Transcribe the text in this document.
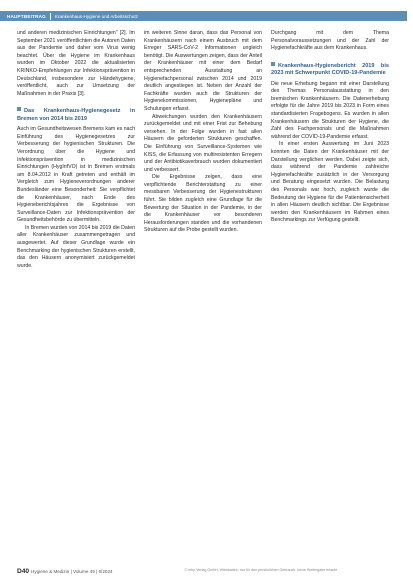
HAUPTBEITRAG Krankenhaus-Hygiene und Arbeitsschutz

und anderen medizinischen Einrichtungen" [2]. Im September 2021 veröffentlichten die Autoren Daten aus der Pandemie und daher vom Virus wenig beachtet. Über die Hygiene im Krankenhaus wurden im Oktober 2022 die aktualisierten KRINKO-Empfehlungen zur Infektionsprävention in Deutschland, insbesondere zur Händehygiene, veröffentlicht, auch zur Umsetzung der Maßnahmen in der Praxis [3].

Das Krankenhaus-Hygienegesetz in Bremen von 2014 bis 2019

Auch im Gesundheitswesen Bremens kam es nach Einführung des Hygienegesetzes zur Verbesserung der hygienischen Strukturen. Die Verordnung über die Hygiene und Infektionsprävention in medizinischen Einrichtungen (HygInfVO) ist in Bremen erstmals am 8.04.2012 in Kraft getreten und enthält im Vergleich zum Hygieneverordnungen anderer Bundesländer eine Besonderheit: Sie verpflichtet die Krankenhäuser, nach Ende des Hygieneberichtsjahres die Ergebnisse von Surveillance-Daten zur Infektionsprävention der Gesundheitsbehörde zu übermitteln.

In Bremen wurden von 2014 bis 2019 die Daten aller Krankenhäuser zusammengetragen und ausgewertet. Auf dieser Grundlage wurde ein Benchmarking der hygienischen Strukturen erstellt, das den Häusern anonymisiert zurückgemeldet wurde.

im weiteren Sinne daran, dass das Personal von Krankenhäusern nach einem Ausbruch mit dem Erreger SARS-CoV-2 Informationen ungleich benötigt. Die Auswertungen zeigen, dass der Anteil der Krankenhäuser mit einer dem Bedarf entsprechenden Ausstattung an Hygienefachpersonal zwischen 2014 und 2019 deutlich angestiegen ist. Neben der Anzahl der Fachkräfte wurden auch die Strukturen der Hygienekommissionen, Hygienepläne und Schulungen erfasst.

Abweichungen wurden den Krankenhäusern zurückgemeldet und mit einer Frist zur Behebung versehen. In der Folge wurden in fast allen Häusern die geforderten Strukturen geschaffen. Die Einführung von Surveillance-Systemen wie KISS, die Erfassung von multiresistenten Erregern und der Antibiotikaverbrauch wurden dokumentiert und verbessert.

Die Ergebnisse zeigen, dass eine verpflichtende Berichterstattung zu einer messbaren Verbesserung der Hygienestrukturen führt. Sie bilden zugleich eine Grundlage für die Bewertung der Situation in der Pandemie, in der die Krankenhäuser vor besonderen Herausforderungen standen und die vorhandenen Strukturen auf die Probe gestellt wurden.

Durchgang mit dem Thema Personalvoraussetzungen und der Zahl der Hygienefachkräfte aus dem Krankenhaus.

Krankenhaus-Hygienebericht 2019 bis 2023 mit Schwerpunkt COVID-19-Pandemie

Die neue Erhebung begann mit einer Darstellung des Themas Personalausstattung in den bremischen Krankenhäusern. Die Datenerhebung erfolgte für die Jahre 2019 bis 2023 in Form eines standardisierten Fragebogens. Es wurden in allen Krankenhäusern die Strukturen der Hygiene, die Zahl des Fachpersonals und die Maßnahmen während der COVID-19-Pandemie erfasst.

In einer ersten Auswertung im Juni 2023 konnten die Daten der Krankenhäuser mit der Darstellung verglichen werden. Dabei zeigte sich, dass während der Pandemie zahlreiche Hygienefachkräfte zusätzlich in der Versorgung und Beratung eingesetzt wurden. Die Belastung des Personals war hoch, zugleich wurde die Bedeutung der Hygiene für die Patientensicherheit in allen Häusern deutlich sichtbar. Die Ergebnisse werden den Krankenhäusern im Rahmen eines Benchmarkings zur Verfügung gestellt.

D40 Hygiene & Medizin | Volume 49 | 6/2024	© mhp Verlag GmbH, Wiesbaden; nur für den persönlichen Gebrauch, keine Weitergabe erlaubt
